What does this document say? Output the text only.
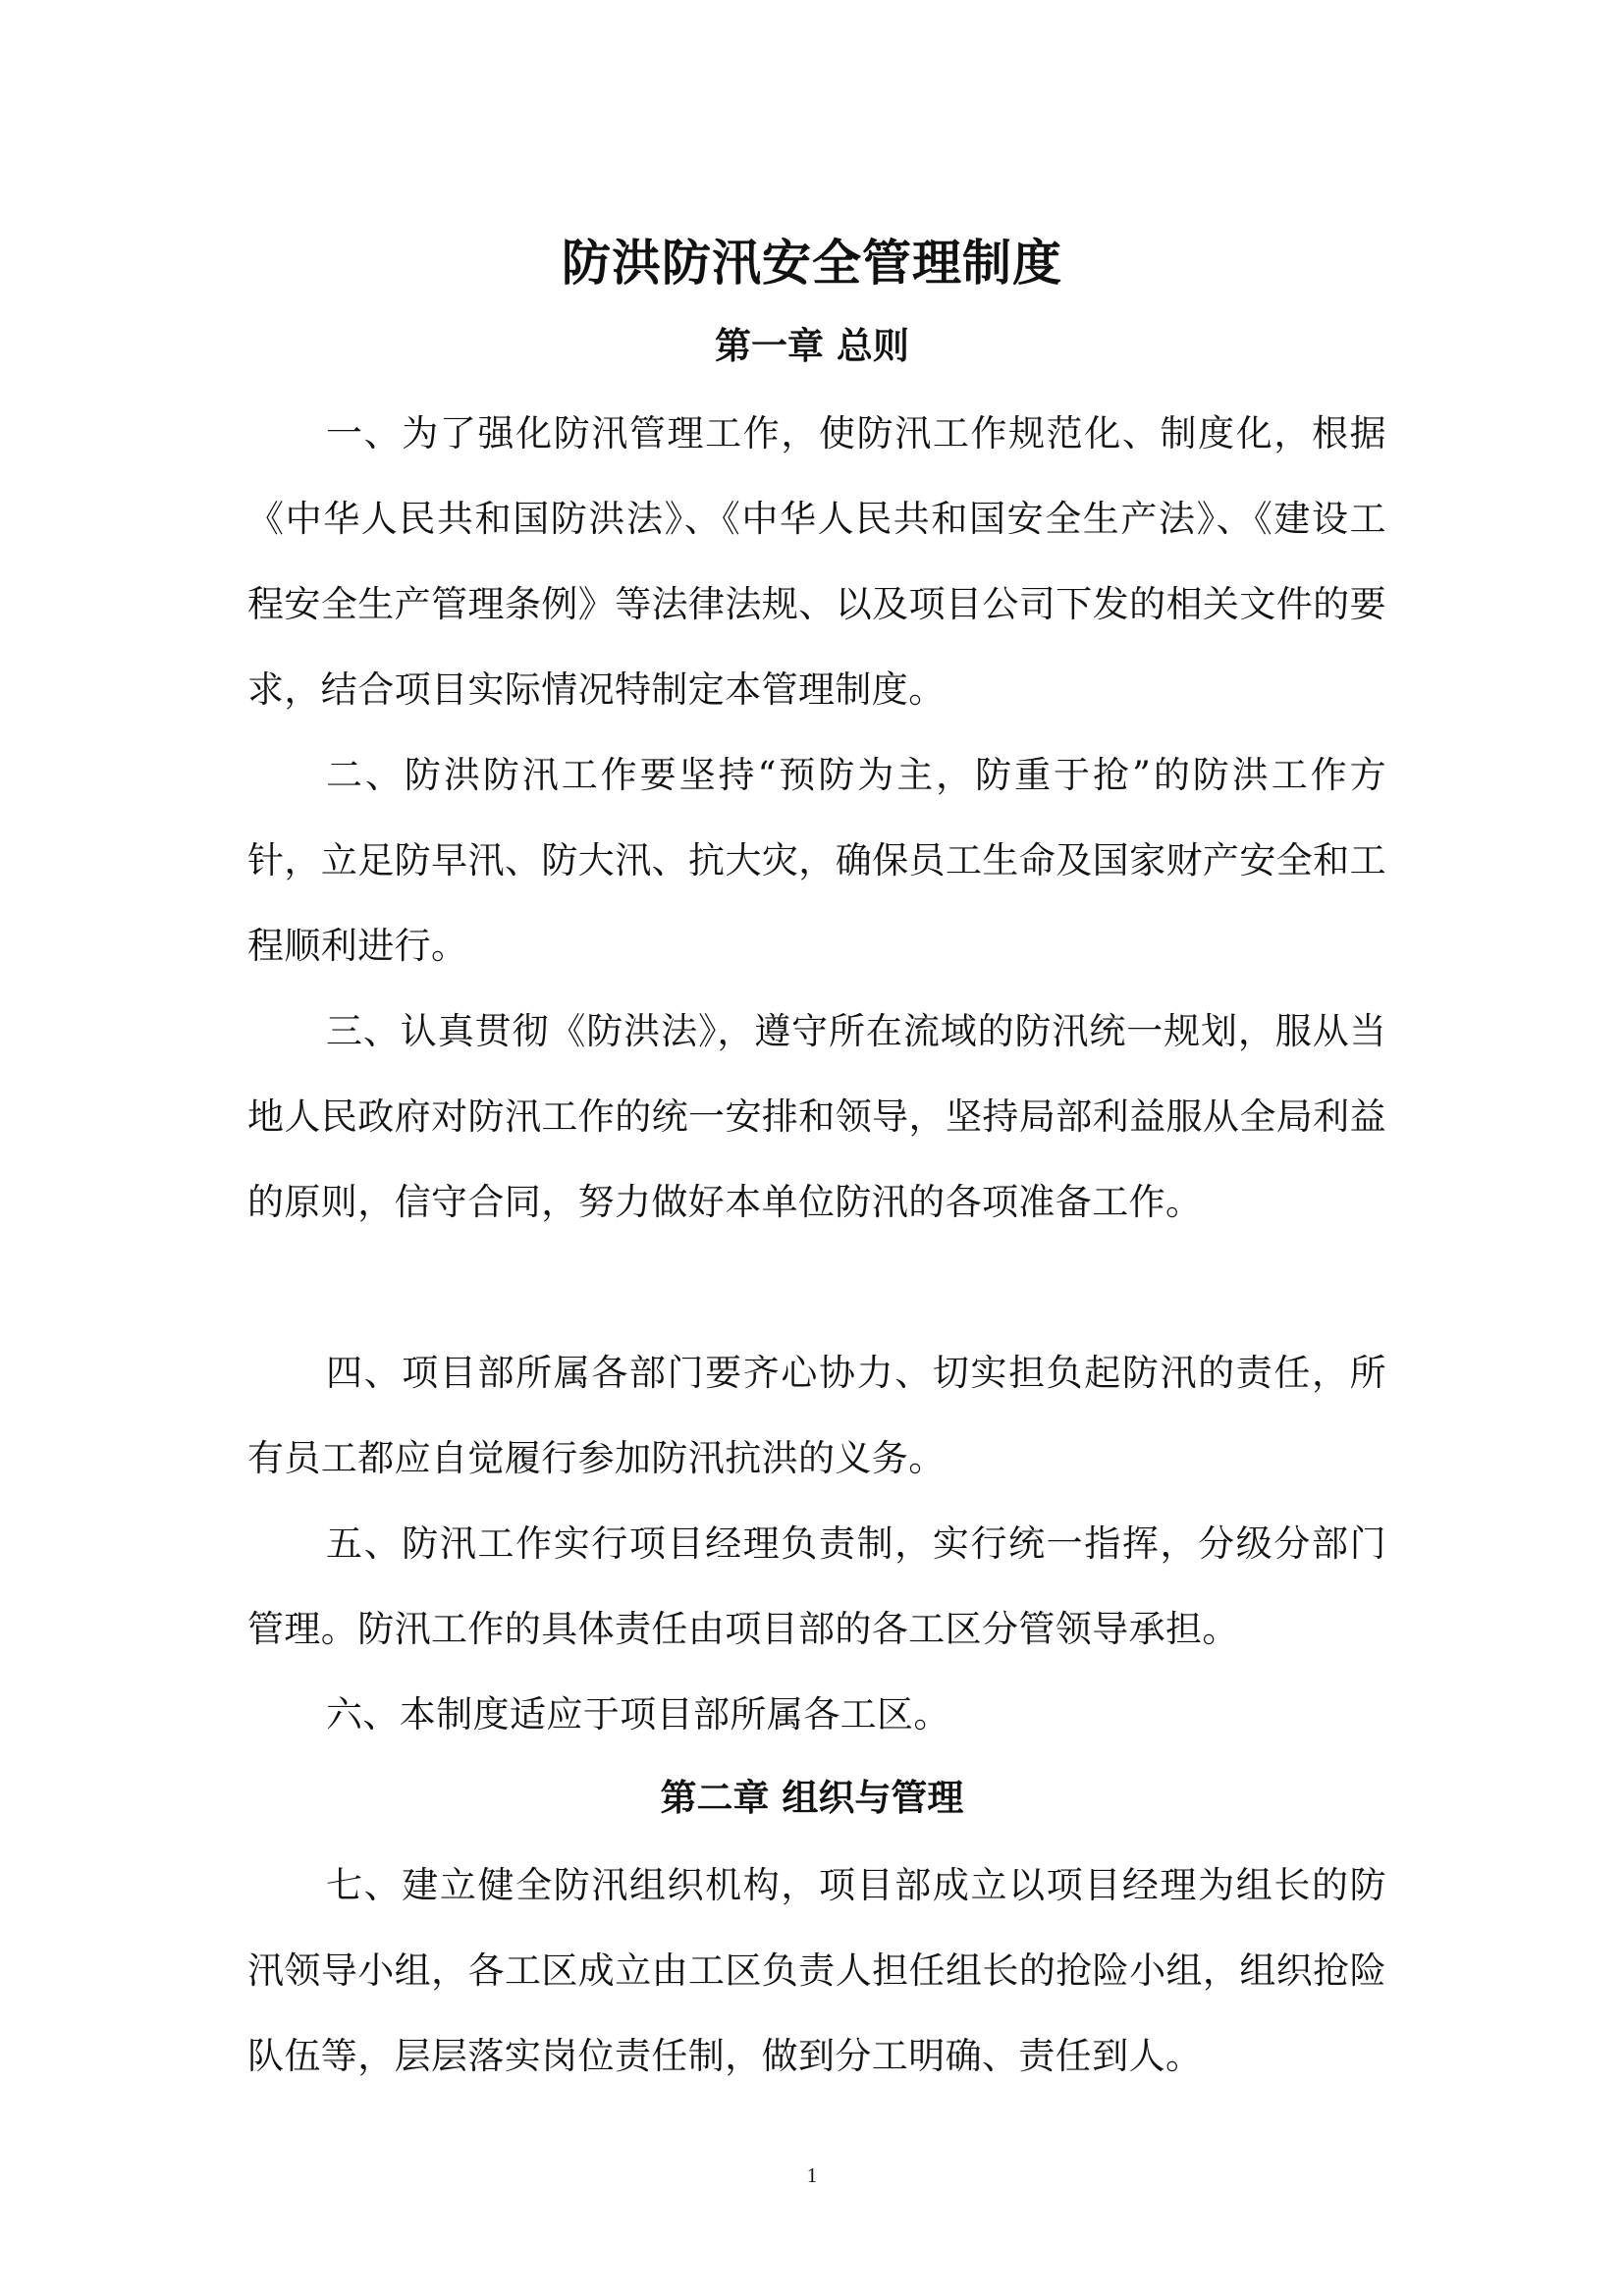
防洪防汛安全管理制度
第一章 总则

一、为了强化防汛管理工作，使防汛工作规范化、制度化，根据《中华人民共和国防洪法》、《中华人民共和国安全生产法》、《建设工程安全生产管理条例》等法律法规、以及项目公司下发的相关文件的要求，结合项目实际情况特制定本管理制度。

二、防洪防汛工作要坚持“预防为主，防重于抢”的防洪工作方针，立足防早汛、防大汛、抗大灾，确保员工生命及国家财产安全和工程顺利进行。

三、认真贯彻《防洪法》，遵守所在流域的防汛统一规划，服从当地人民政府对防汛工作的统一安排和领导，坚持局部利益服从全局利益的原则，信守合同，努力做好本单位防汛的各项准备工作。

四、项目部所属各部门要齐心协力、切实担负起防汛的责任，所有员工都应自觉履行参加防汛抗洪的义务。

五、防汛工作实行项目经理负责制，实行统一指挥，分级分部门管理。防汛工作的具体责任由项目部的各工区分管领导承担。

六、本制度适应于项目部所属各工区。

第二章 组织与管理

七、建立健全防汛组织机构，项目部成立以项目经理为组长的防汛领导小组，各工区成立由工区负责人担任组长的抢险小组，组织抢险队伍等，层层落实岗位责任制，做到分工明确、责任到人。

1
